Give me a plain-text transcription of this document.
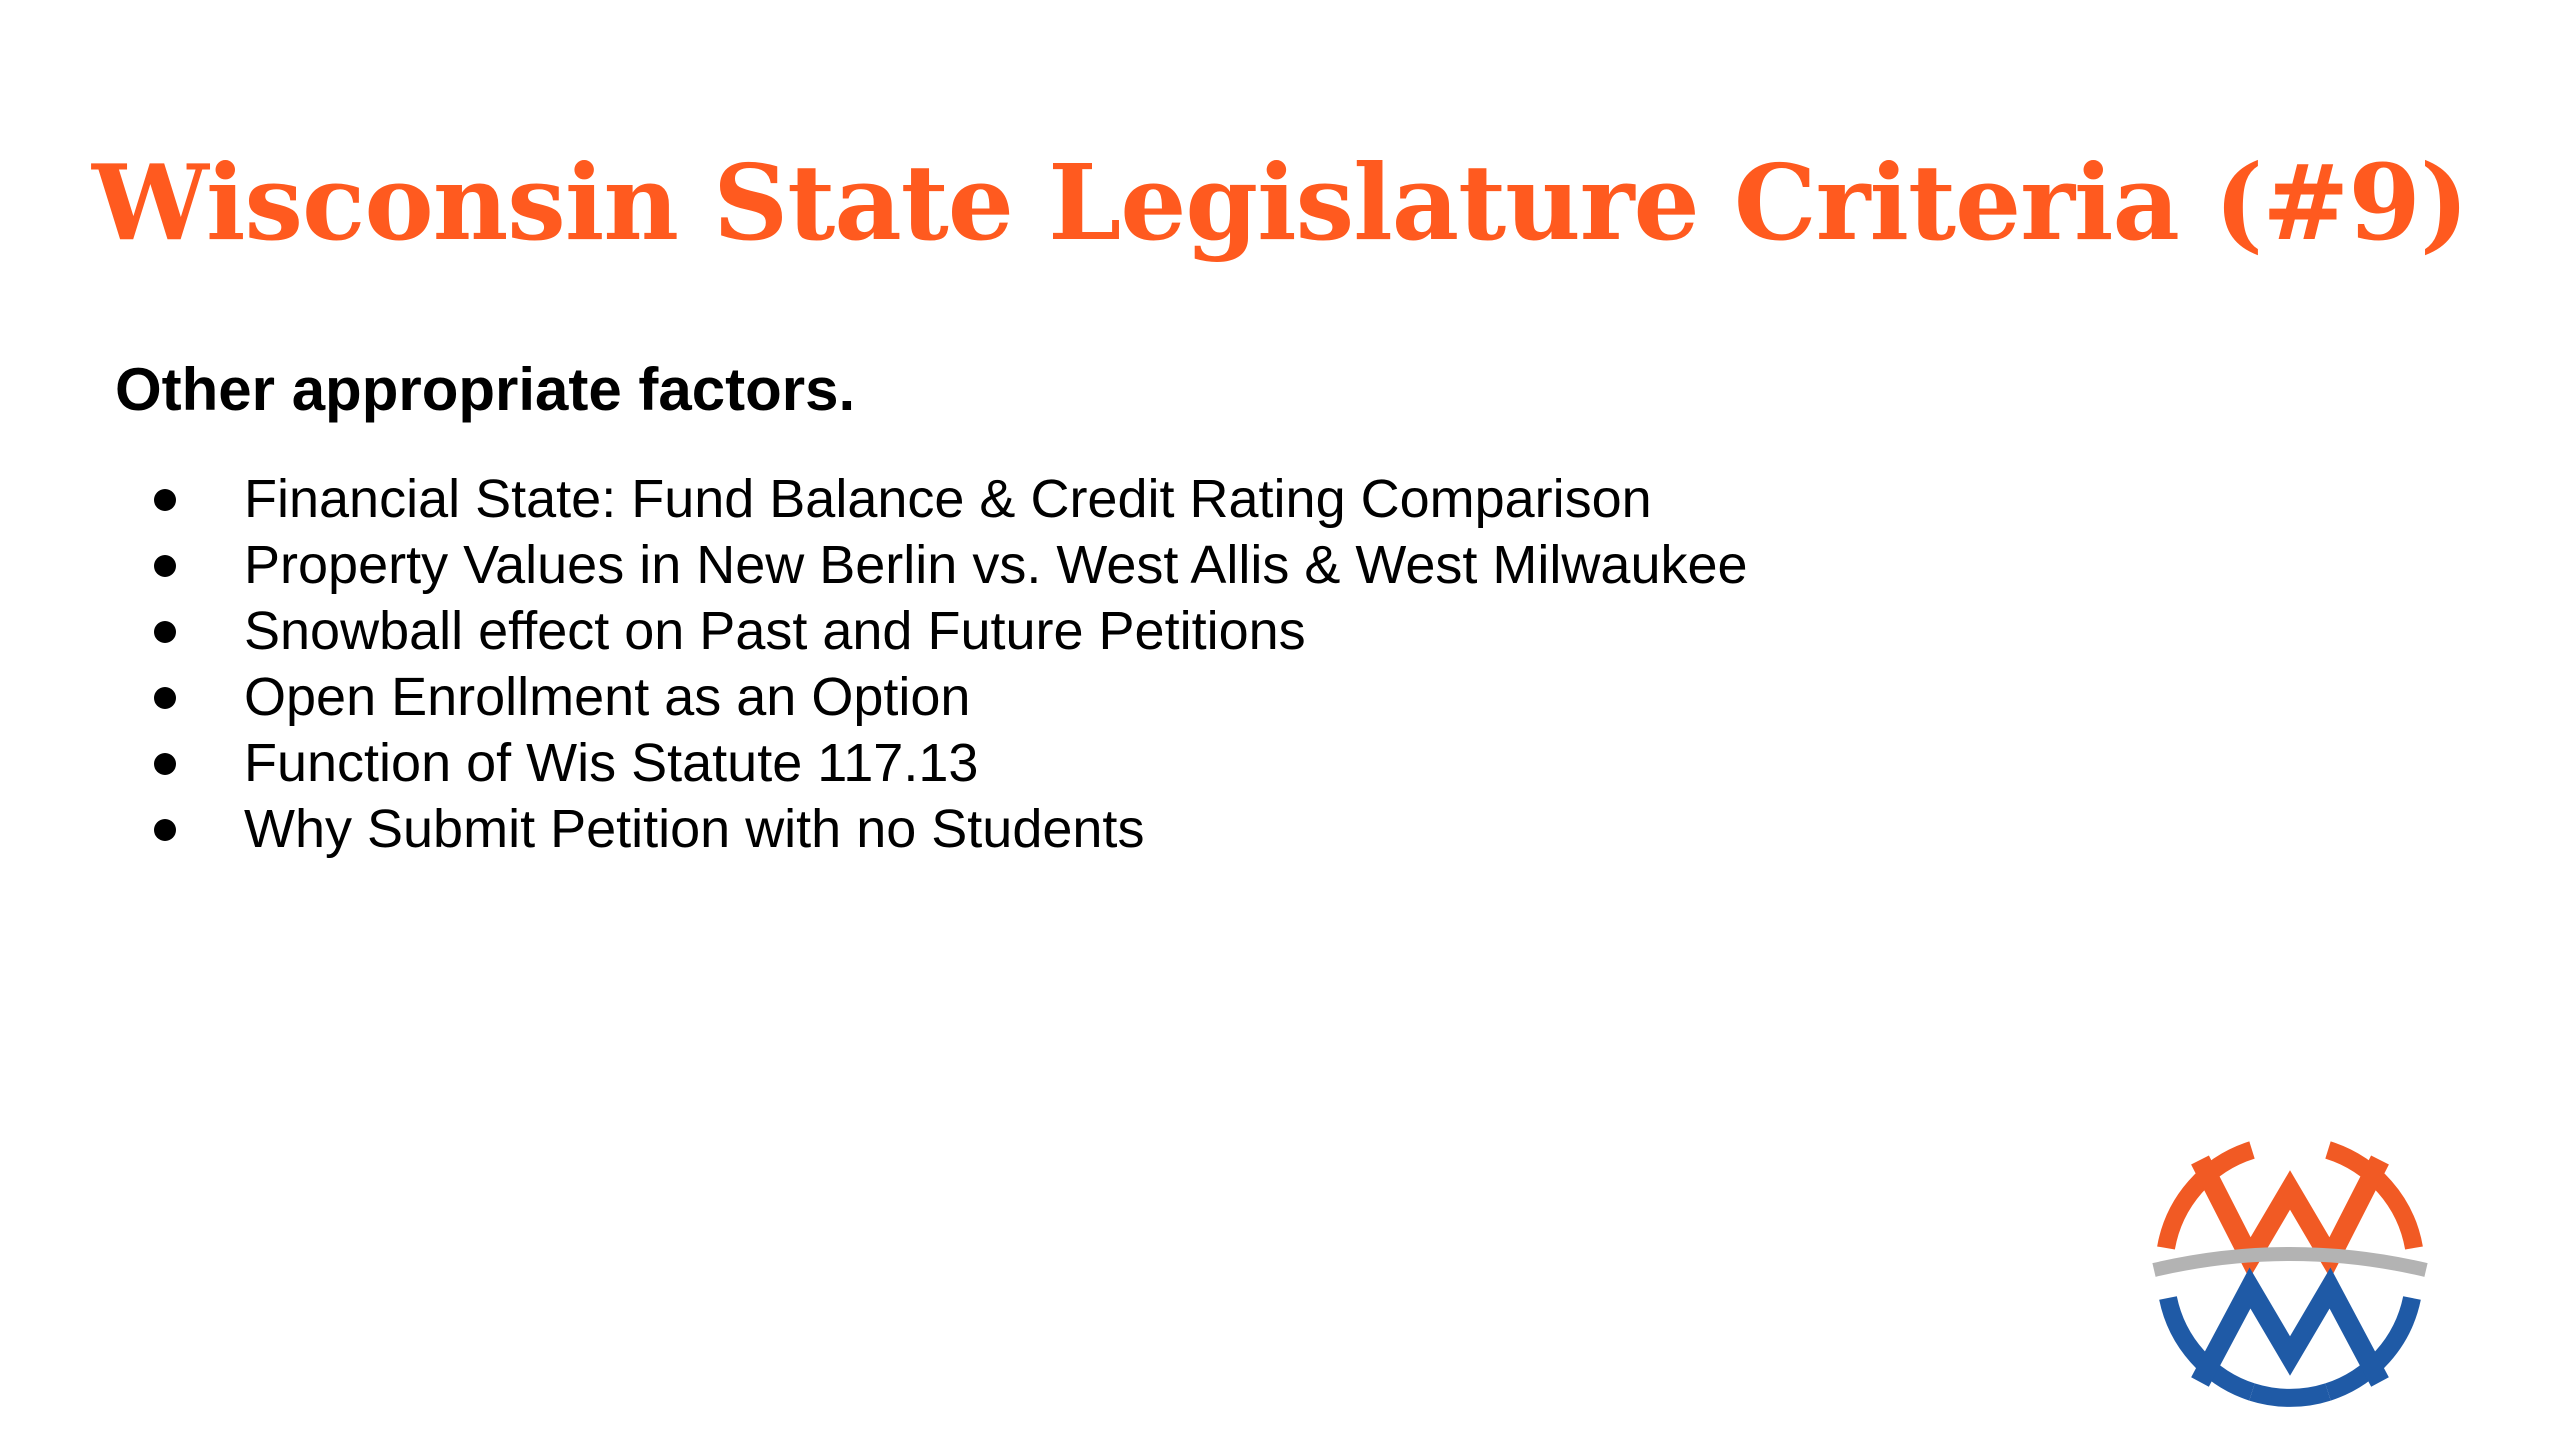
Wisconsin State Legislature Criteria (#9)
Other appropriate factors.
Financial State: Fund Balance & Credit Rating Comparison
Property Values in New Berlin vs. West Allis & West Milwaukee
Snowball effect on Past and Future Petitions
Open Enrollment as an Option
Function of Wis Statute 117.13
Why Submit Petition with no Students
